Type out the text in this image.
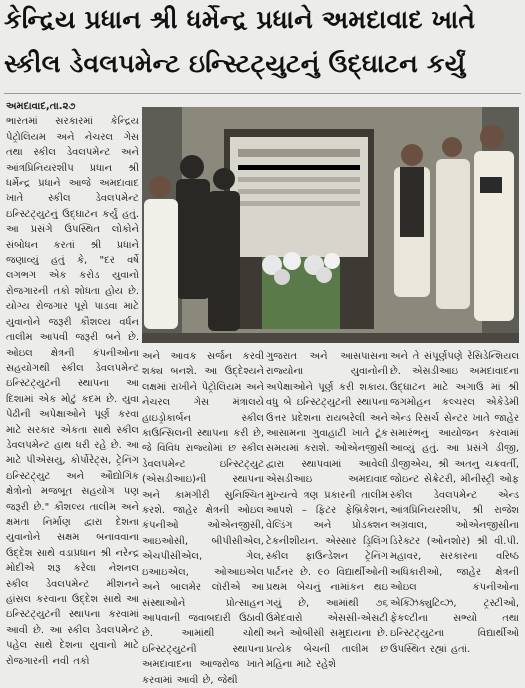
કેન્દ્રિય પ્રધાન શ્રી ધર્મેન્દ્ર પ્રધાને અમદાવાદ ખાતે
સ્કીલ ડેવલપમેન્ટ ઇન્સ્ટિટ્યુટનું ઉદ્ઘાટન કર્યું

અમદાવાદ,તા.૨૭

ભારતમાં સરકારમાં કેન્દ્રિય પેટ્રોલિયમ અને નેચરલ ગેસ તથા સ્કીલ ડેવલપમેન્ટ અને આંત્રપ્રિનિયરશીપ પ્રધાન શ્રી ધર્મેન્દ્ર પ્રધાને આજે અમદાવાદ ખાતે સ્કીલ ડેવલપમેન્ટ ઇન્સ્ટિટ્યુટનું ઉદ્ઘાટન કર્યું હતું. આ પ્રસંગે ઉપસ્થિત લોકોને સંબોધન કરતાં શ્રી પ્રધાને જણાવ્યું હતું કે, "દર વર્ષે લગભગ એક કરોડ યુવાનો રોજગારની તકો શોધતા હોય છે. યોગ્ય રોજગાર પૂરો પાડવા માટે યુવાનોને જરૂરી કૌશલ્ય વર્ધન તાલીમ આપવી જરૂરી બને છે. ઓઇલ ક્ષેત્રની કંપનીઓના સહયોગથી સ્કીલ ડેવલપમેન્ટ ઇન્સ્ટિટ્યુટની સ્થાપના આ દિશામાં એક મોટું કદમ છે. યુવા પેઢીની અપેક્ષાઓને પૂર્ણ કરવા માટે સરકાર એકતા સાથે સ્કીલ ડેવલપમેન્ટ હાથ ધરી રહે છે. આ માટે પીએસયુ, કોર્પોરેટ્સ, ટ્રેનિંગ ઇન્સ્ટિટ્યુટ અને ઔદ્યોગિક ક્ષેત્રોનો મજબૂત સહયોગ પણ જરૂરી છે." કૌશલ્ય તાલીમ અને ક્ષમતા નિર્માણ દ્વારા દેશના યુવાનોને સક્ષમ બનાવવાના ઉદ્દેશ સાથે વડાપ્રધાન શ્રી નરેન્દ્ર મોદીએ શરૂ કરેલા નેશનલ સ્કીલ ડેવલપમેન્ટ મીશનને હાંસલ કરવાના ઉદ્દેશ સાથે આ ઇન્સ્ટિટ્યુટની સ્થાપના કરવામાં આવી છે. આ સ્કીલ ડેવલપમેન્ટ પહેલ સાથે દેશના યુવાનો માટે રોજગારની નવી તકો

અને આવક સર્જન કરવી શક્ય બનશે. આ ઉદ્દેશ્યને લક્ષમાં રાખીને પેટ્રોલિયમ અને નેચરલ ગેસ મંત્રાલયે હાઇડ્રોકાર્બન સ્કીલ કાઉન્સિલની સ્થાપના કરી છે, જે વિવિધ રાજ્યોમાં છ સ્કીલ ડેવલપમેન્ટ ઇન્સ્ટિટ્યુટ (એસડીઆઇ)ની સ્થાપના અને કામગીરી સુનિશ્ચિત કરશે. જાહેર ક્ષેત્રની ઓઇલ કંપનીઓ ઓએનજીસી, આઇઓસી, બીપીસીએલ, એચપીસીએલ, ગેલ, ઇઆઇએલ, ઓઆઇએલ અને બાલમેર લૉરીએ આ સંસ્થાઓને પ્રોત્સાહન આપવાની જવાબદારી ઉઠાવી છે. આમાંથી ચોથી ઇન્સ્ટિટ્યુટની સ્થાપના અમદાવાદના આજરોજ ખાતે કરવામાં આવી છે, જેથી

ગુજરાત અને આસપાસના રાજ્યોના યુવાનોની અપેક્ષાઓને પૂર્ણ કરી શકાય. વધુ બે ઇન્સ્ટિટ્યુટની સ્થાપના ઉત્તર પ્રદેશના રાયબરેલી અને આસામના ગુવાહાટી ખાતે ટૂંક સમયમાં કરાશે. ઓએનજીસી દ્વારા સ્થાપવામાં આવેલી એસડીઆઇ અમદાવાદ મુખ્યત્વે ત્રણ પ્રકારની તાલીમ આપશે – ફિટર ફેબ્રિકેશન, વેલ્ડિંગ અને પ્રોડક્શન ટેકનીશીયન. એસ્સાર ડ્રિલિંગ સ્કીલ ફાઉન્ડેશન ટ્રેનિંગ પાર્ટનર છે. ૯૦ વિદ્યાર્થીઓની પ્રથમ બેચનું નામાંકન થઇ ગયું છે, આમાંથી ૭૬ ઉમેદવારો એસસી-એસટી અને ઓબીસી સમુદાયના છે. પ્રત્યેક બેચની તાલીમ છ મહિના માટે રહેશે

અને તે સંપૂર્ણપણે રેસિડેન્શિયલ છે. એસડીઆઇ અમદાવાદના ઉદ્ઘાટન માટે અગાઉ માં શ્રી જગમોહન કલ્ચરલ એકેડેમી એન્ડ રિસર્ચ સેન્ટર ખાતે જાહેર સમારંભનું આયોજન કરવામાં આવ્યું હતું. આ પ્રસંગે ડીજી, ડીજીએચ, શ્રી અતનુ ચક્રવર્તી, જોઇન્ટ સેક્રેટરી, મીનીસ્ટ્રી ઓફ સ્કીલ ડેવલપમેન્ટ એન્ડ આંત્રપ્રિનિયરશીપ, શ્રી રાજેશ અગ્રવાલ, ઓએનજીસીના ડિરેક્ટર (ઓનશોર) શ્રી વી.પી. મહાવર, સરકારના વરિષ્ઠ અધિકારીઓ, જાહેર ક્ષેત્રની ઓઇલ કંપનીઓના એક્ઝિક્યુટિવ્ઝ, ટ્રસ્ટીઓ, ફેકલ્ટીના સભ્યો તથા ઇન્સ્ટિટ્યુટના વિદ્યાર્થીઓ ઉપસ્થિત રહ્યાં હતાં.
